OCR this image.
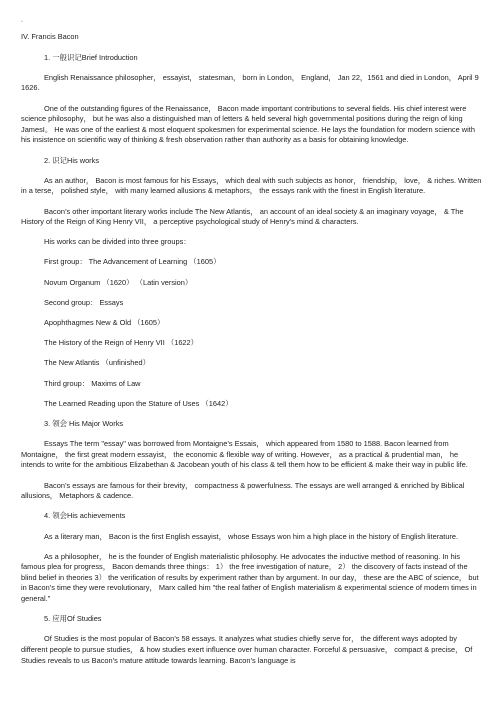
▫
IV. Francis Bacon
1. 一般识记Brief Introduction
English Renaissance philosopher， essayist， statesman， born in London， England， Jan 22，1561 and died in London， April 9 1626.
One of the outstanding figures of the Renaissance， Bacon made important contributions to several fields. His chief interest were science philosophy， but he was also a distinguished man of letters & held several high governmental positions during the reign of king JamesI。 He was one of the earliest & most eloquent spokesmen for experimental science. He lays the foundation for modern science with his insistence on scientific way of thinking & fresh observation rather than authority as a basis for obtaining knowledge.
2. 识记His works
As an author， Bacon is most famous for his Essays， which deal with such subjects as honor， friendship， love， & riches. Written in a terse， polished style， with many learned allusions & metaphors， the essays rank with the finest in English literature.
Bacon’s other important literary works include The New Atlantis， an account of an ideal society & an imaginary voyage， & The History of the Reign of King Henry VII， a perceptive psychological study of Henry’s mind & characters.
His works can be divided into three groups：
First group： The Advancement of Learning （1605）
Novum Organum （1620） （Latin version）
Second group： Essays
Apophthagmes New & Old （1605）
The History of the Reign of Henry VII （1622）
The New Atlantis （unfinished）
Third group： Maxims of Law
The Learned Reading upon the Stature of Uses （1642）
3. 领会 His Major Works
Essays The term "essay" was borrowed from Montaigne’s Essais， which appeared from 1580 to 1588. Bacon learned from Montaigne， the first great modern essayist， the economic & flexible way of writing. However， as a practical & prudential man， he intends to write for the ambitious Elizabethan & Jacobean youth of his class & tell them how to be efficient & make their way in public life.
Bacon’s essays are famous for their brevity， compactness & powerfulness. The essays are well arranged & enriched by Biblical allusions， Metaphors & cadence.
4. 领会His achievements
As a literary man， Bacon is the first English essayist， whose Essays won him a high place in the history of English literature.
As a philosopher， he is the founder of English materialistic philosophy. He advocates the inductive method of reasoning. In his famous plea for progress， Bacon demands three things： 1） the free investigation of nature， 2） the discovery of facts instead of the blind belief in theories 3） the verification of results by experiment rather than by argument. In our day， these are the ABC of science， but in Bacon’s time they were revolutionary， Marx called him "the real father of English materialism & experimental science of modern times in general."
5. 应用Of Studies
Of Studies is the most popular of Bacon’s 58 essays. It analyzes what studies chiefly serve for， the different ways adopted by different people to pursue studies， & how studies exert influence over human character. Forceful & persuasive， compact & precise， Of Studies reveals to us Bacon’s mature attitude towards learning. Bacon’s language is
